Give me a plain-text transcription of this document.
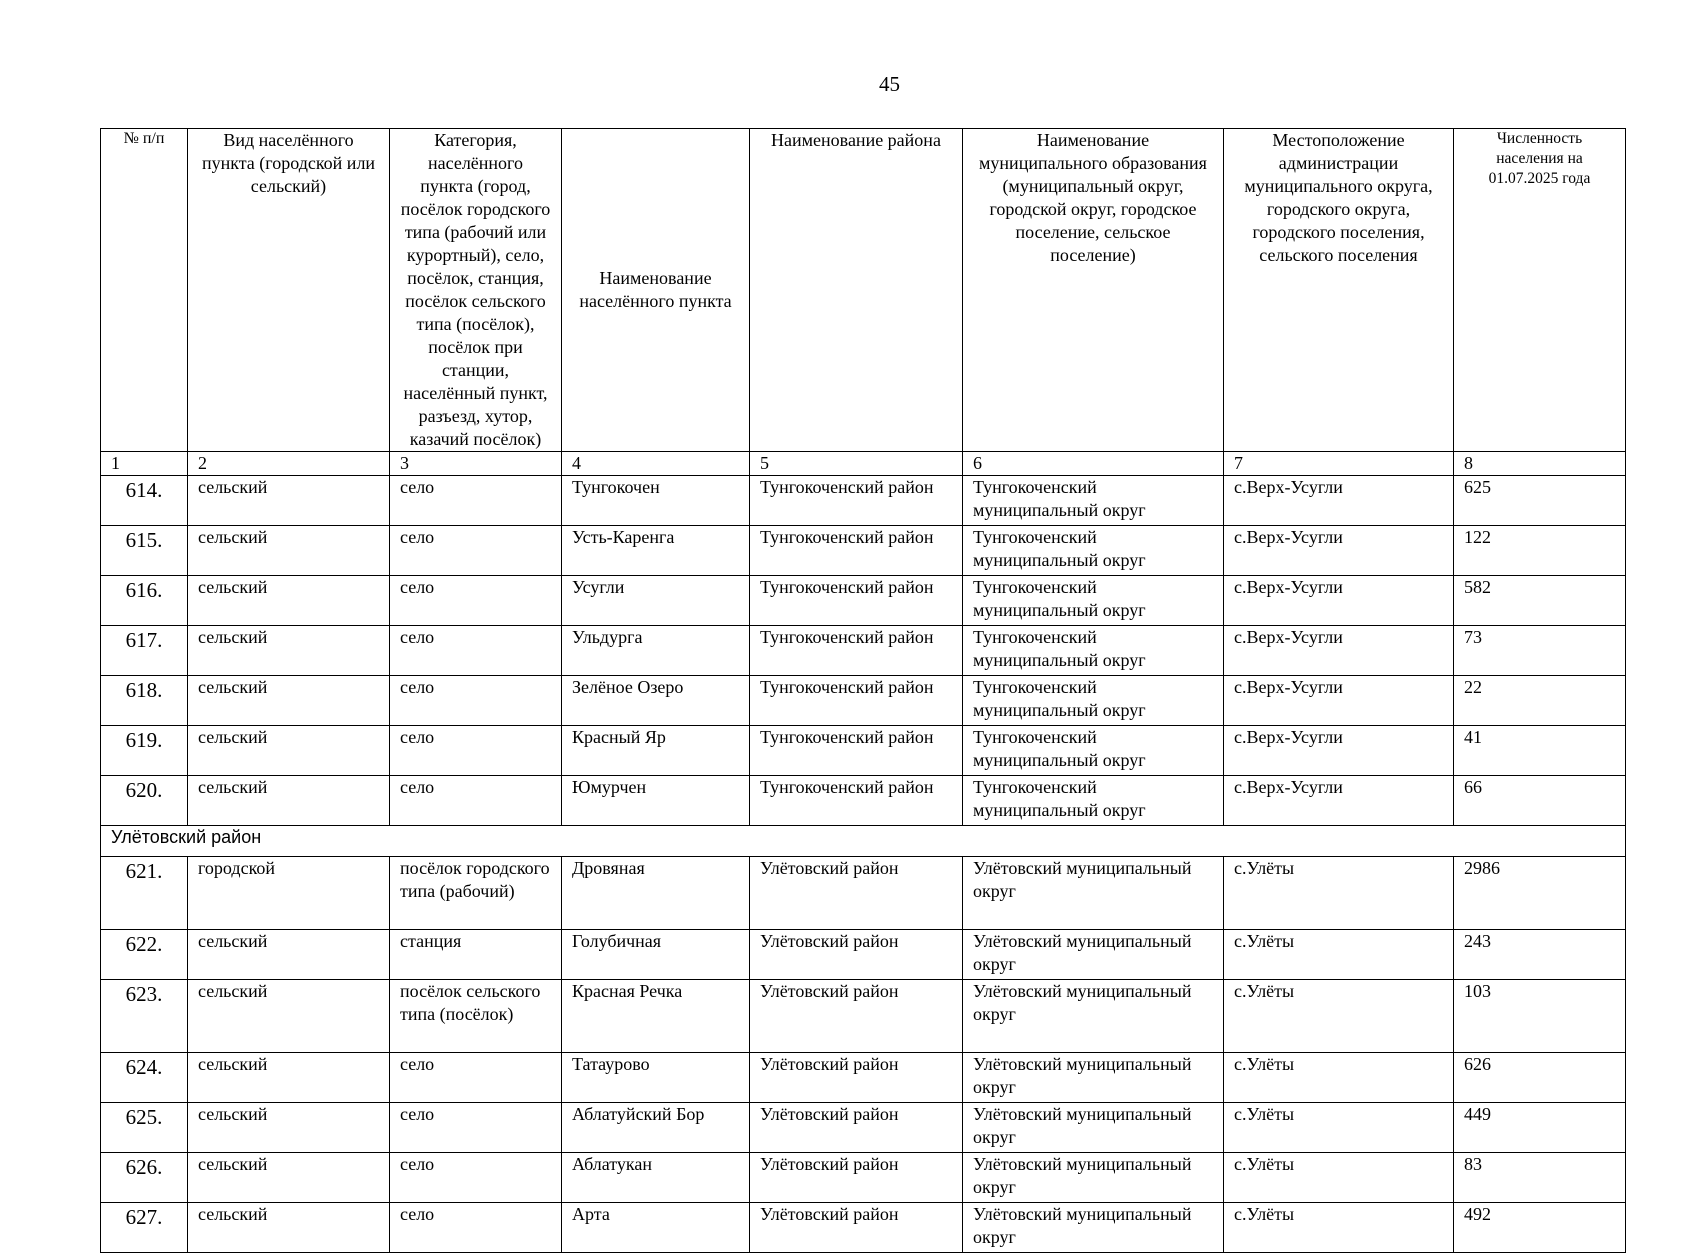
45
№ п/п	Вид населённого пункта (городской или сельский)	Категория, населённого пункта (город, посёлок городского типа (рабочий или курортный), село, посёлок, станция, посёлок сельского типа (посёлок), посёлок при станции, населённый пункт, разъезд, хутор, казачий посёлок)	Наименование населённого пункта	Наименование района	Наименование муниципального образования (муниципальный округ, городской округ, городское поселение, сельское поселение)	Местоположение администрации муниципального округа, городского округа, городского поселения, сельского поселения	Численность населения на 01.07.2025 года
1	2	3	4	5	6	7	8
614.	сельский	село	Тунгокочен	Тунгокоченский район	Тунгокоченский муниципальный округ	с.Верх-Усугли	625
615.	сельский	село	Усть-Каренга	Тунгокоченский район	Тунгокоченский муниципальный округ	с.Верх-Усугли	122
616.	сельский	село	Усугли	Тунгокоченский район	Тунгокоченский муниципальный округ	с.Верх-Усугли	582
617.	сельский	село	Ульдурга	Тунгокоченский район	Тунгокоченский муниципальный округ	с.Верх-Усугли	73
618.	сельский	село	Зелёное Озеро	Тунгокоченский район	Тунгокоченский муниципальный округ	с.Верх-Усугли	22
619.	сельский	село	Красный Яр	Тунгокоченский район	Тунгокоченский муниципальный округ	с.Верх-Усугли	41
620.	сельский	село	Юмурчен	Тунгокоченский район	Тунгокоченский муниципальный округ	с.Верх-Усугли	66
Улётовский район							
621.	городской	посёлок городского типа (рабочий)	Дровяная	Улётовский район	Улётовский муниципальный округ	с.Улёты	2986
622.	сельский	станция	Голубичная	Улётовский район	Улётовский муниципальный округ	с.Улёты	243
623.	сельский	посёлок сельского типа (посёлок)	Красная Речка	Улётовский район	Улётовский муниципальный округ	с.Улёты	103
624.	сельский	село	Татаурово	Улётовский район	Улётовский муниципальный округ	с.Улёты	626
625.	сельский	село	Аблатуйский Бор	Улётовский район	Улётовский муниципальный округ	с.Улёты	449
626.	сельский	село	Аблатукан	Улётовский район	Улётовский муниципальный округ	с.Улёты	83
627.	сельский	село	Арта	Улётовский район	Улётовский муниципальный округ	с.Улёты	492
